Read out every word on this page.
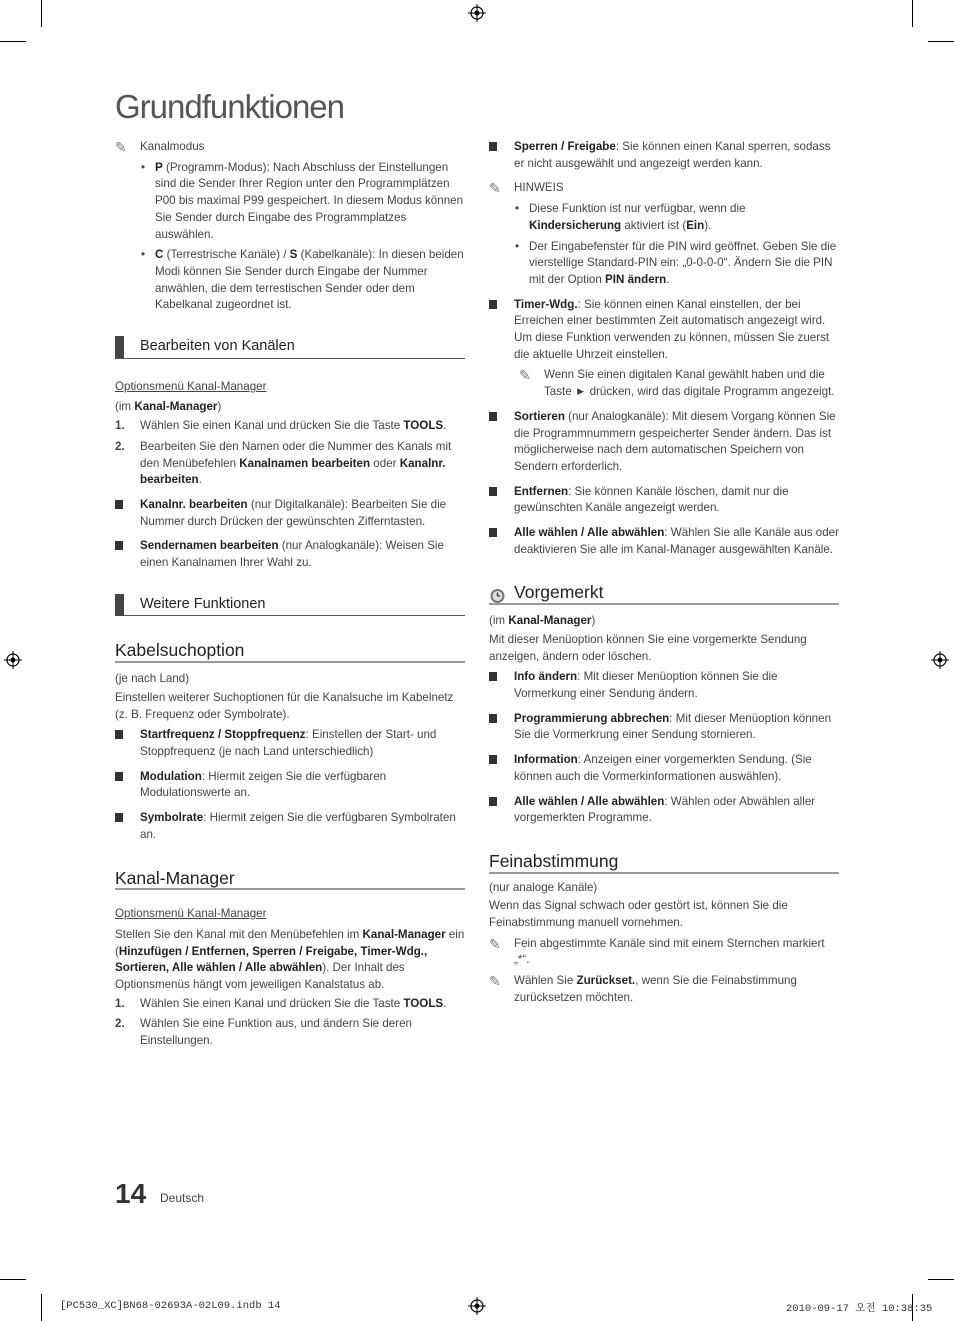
Grundfunktionen
✎ Kanalmodus
• P (Programm-Modus): Nach Abschluss der Einstellungen sind die Sender Ihrer Region unter den Programmplätzen P00 bis maximal P99 gespeichert. In diesem Modus können Sie Sender durch Eingabe des Programmplatzes auswählen.
• C (Terrestrische Kanäle) / S (Kabelkanäle): In diesen beiden Modi können Sie Sender durch Eingabe der Nummer anwählen, die dem terrestischen Sender oder dem Kabelkanal zugeordnet ist.
Bearbeiten von Kanälen

Optionsmenü Kanal-Manager

(im Kanal-Manager)

1. Wählen Sie einen Kanal und drücken Sie die Taste TOOLS.
2. Bearbeiten Sie den Namen oder die Nummer des Kanals mit den Menübefehlen Kanalnamen bearbeiten oder Kanalnr. bearbeiten.
Kanalnr. bearbeiten (nur Digitalkanäle): Bearbeiten Sie die Nummer durch Drücken der gewünschten Zifferntasten.
Sendernamen bearbeiten (nur Analogkanäle): Weisen Sie einen Kanalnamen Ihrer Wahl zu.
Weitere Funktionen
Kabelsuchoption

(je nach Land)

Einstellen weiterer Suchoptionen für die Kanalsuche im Kabelnetz (z. B. Frequenz oder Symbolrate).

Startfrequenz / Stoppfrequenz: Einstellen der Start- und Stoppfrequenz (je nach Land unterschiedlich)
Modulation: Hiermit zeigen Sie die verfügbaren Modulationswerte an.
Symbolrate: Hiermit zeigen Sie die verfügbaren Symbolraten an.
Kanal-Manager

Optionsmenü Kanal-Manager

Stellen Sie den Kanal mit den Menübefehlen im Kanal-Manager ein (Hinzufügen / Entfernen, Sperren / Freigabe, Timer-Wdg., Sortieren, Alle wählen / Alle abwählen). Der Inhalt des Optionsmenüs hängt vom jeweiligen Kanalstatus ab.

1. Wählen Sie einen Kanal und drücken Sie die Taste TOOLS.
2. Wählen Sie eine Funktion aus, und ändern Sie deren Einstellungen.
Sperren / Freigabe: Sie können einen Kanal sperren, sodass er nicht ausgewählt und angezeigt werden kann.
✎ HINWEIS
• Diese Funktion ist nur verfügbar, wenn die Kindersicherung aktiviert ist (Ein).
• Der Eingabefenster für die PIN wird geöffnet. Geben Sie die vierstellige Standard-PIN ein: „0-0-0-0“. Ändern Sie die PIN mit der Option PIN ändern.
Timer-Wdg.: Sie können einen Kanal einstellen, der bei Erreichen einer bestimmten Zeit automatisch angezeigt wird. Um diese Funktion verwenden zu können, müssen Sie zuerst die aktuelle Uhrzeit einstellen.
✎ Wenn Sie einen digitalen Kanal gewählt haben und die Taste ► drücken, wird das digitale Programm angezeigt.
Sortieren (nur Analogkanäle): Mit diesem Vorgang können Sie die Programmnummern gespeicherter Sender ändern. Das ist möglicherweise nach dem automatischen Speichern von Sendern erforderlich.
Entfernen: Sie können Kanäle löschen, damit nur die gewünschten Kanäle angezeigt werden.
Alle wählen / Alle abwählen: Wählen Sie alle Kanäle aus oder deaktivieren Sie alle im Kanal-Manager ausgewählten Kanäle.
Vorgemerkt

(im Kanal-Manager)

Mit dieser Menüoption können Sie eine vorgemerkte Sendung anzeigen, ändern oder löschen.

Info ändern: Mit dieser Menüoption können Sie die Vormerkung einer Sendung ändern.
Programmierung abbrechen: Mit dieser Menüoption können Sie die Vormerkrung einer Sendung stornieren.
Information: Anzeigen einer vorgemerkten Sendung. (Sie können auch die Vormerkinformationen auswählen).
Alle wählen / Alle abwählen: Wählen oder Abwählen aller vorgemerkten Programme.
Feinabstimmung

(nur analoge Kanäle)

Wenn das Signal schwach oder gestört ist, können Sie die Feinabstimmung manuell vornehmen.

✎ Fein abgestimmte Kanäle sind mit einem Sternchen markiert „*“.
✎ Wählen Sie Zurückset., wenn Sie die Feinabstimmung zurücksetzen möchten.
14 Deutsch
[PC530_XC]BN68-02693A-02L09.indb 14	2010-09-17 오전 10:38:35
